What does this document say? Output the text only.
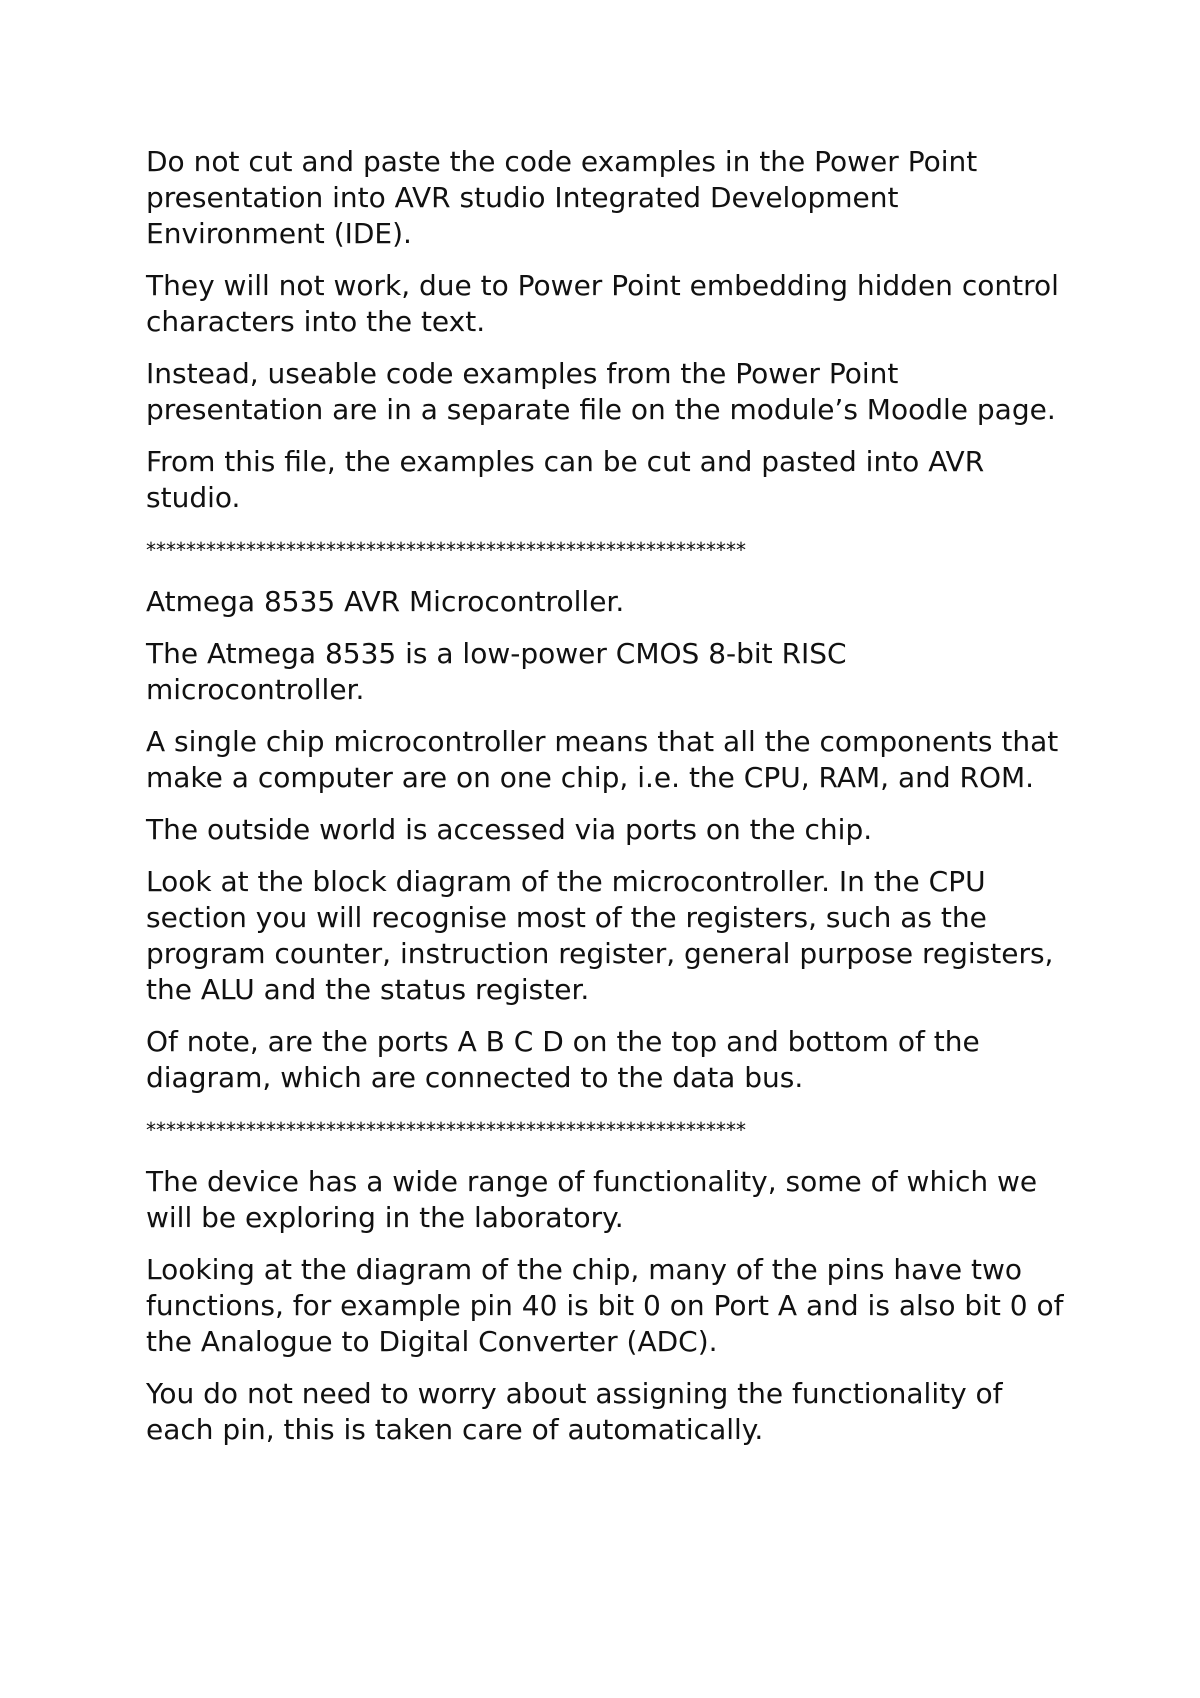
Do not cut and paste the code examples in the Power Point presentation into AVR studio Integrated Development Environment (IDE).

They will not work, due to Power Point embedding hidden control characters into the text.

Instead, useable code examples from the Power Point presentation are in a separate file on the module’s Moodle page.

From this file, the examples can be cut and pasted into AVR studio.

************************************************************

Atmega 8535 AVR Microcontroller.

The Atmega 8535 is a low-power CMOS 8-bit RISC microcontroller.

A single chip microcontroller means that all the components that make a computer are on one chip, i.e. the CPU, RAM, and ROM.

The outside world is accessed via ports on the chip.

Look at the block diagram of the microcontroller. In the CPU section you will recognise most of the registers, such as the program counter, instruction register, general purpose registers, the ALU and the status register.

Of note, are the ports A B C D on the top and bottom of the diagram, which are connected to the data bus.

************************************************************

The device has a wide range of functionality, some of which we will be exploring in the laboratory.

Looking at the diagram of the chip, many of the pins have two functions, for example pin 40 is bit 0 on Port A and is also bit 0 of the Analogue to Digital Converter (ADC).

You do not need to worry about assigning the functionality of each pin, this is taken care of automatically.
